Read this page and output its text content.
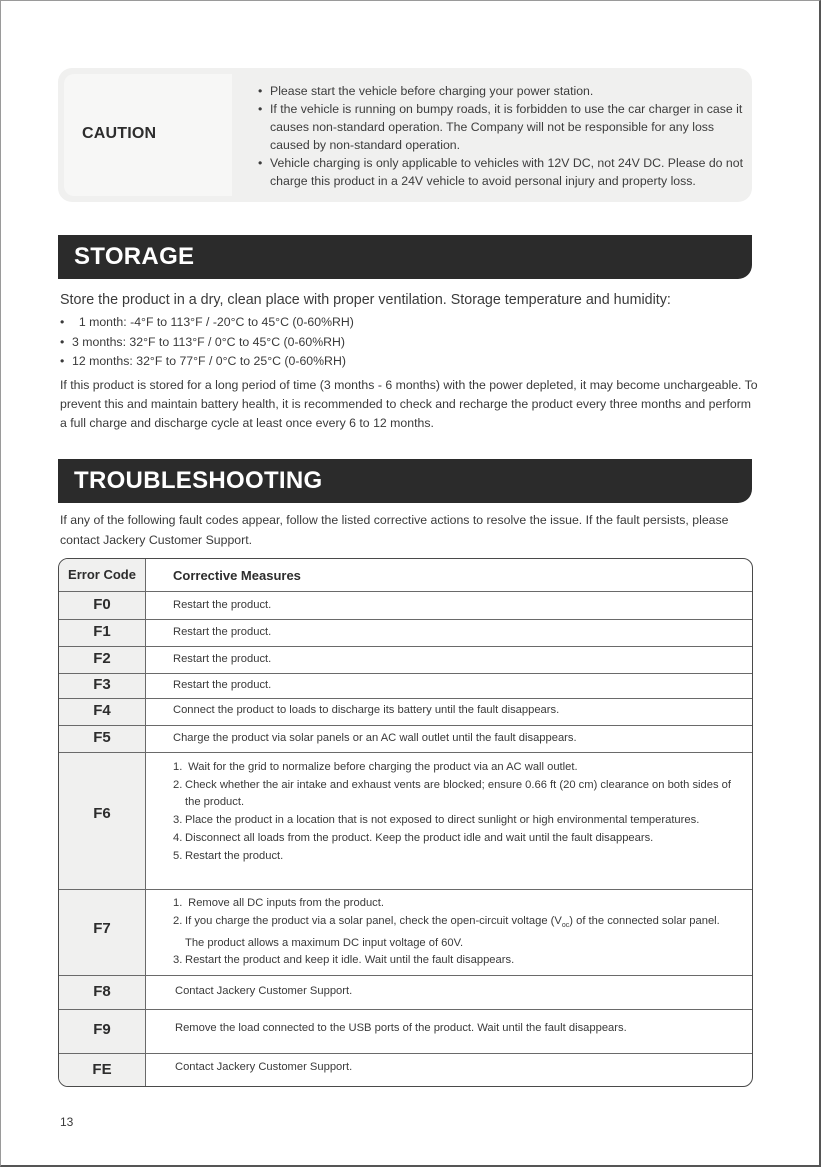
CAUTION
• Please start the vehicle before charging your power station.
• If the vehicle is running on bumpy roads, it is forbidden to use the car charger in case it causes non-standard operation. The Company will not be responsible for any loss caused by non-standard operation.
• Vehicle charging is only applicable to vehicles with 12V DC, not 24V DC. Please do not charge this product in a 24V vehicle to avoid personal injury and property loss.
STORAGE
Store the product in a dry, clean place with proper ventilation. Storage temperature and humidity:
• 1 month: -4°F to 113°F / -20°C to 45°C (0-60%RH)
• 3 months: 32°F to 113°F / 0°C to 45°C (0-60%RH)
• 12 months: 32°F to 77°F / 0°C to 25°C (0-60%RH)
If this product is stored for a long period of time (3 months - 6 months) with the power depleted, it may become unchargeable. To prevent this and maintain battery health, it is recommended to check and recharge the product every three months and perform a full charge and discharge cycle at least once every 6 to 12 months.
TROUBLESHOOTING
If any of the following fault codes appear, follow the listed corrective actions to resolve the issue. If the fault persists, please contact Jackery Customer Support.
Error Code	Corrective Measures
F0	Restart the product.
F1	Restart the product.
F2	Restart the product.
F3	Restart the product.
F4	Connect the product to loads to discharge its battery until the fault disappears.
F5	Charge the product via solar panels or an AC wall outlet until the fault disappears.
F6
1. Wait for the grid to normalize before charging the product via an AC wall outlet.
2. Check whether the air intake and exhaust vents are blocked; ensure 0.66 ft (20 cm) clearance on both sides of the product.
3. Place the product in a location that is not exposed to direct sunlight or high environmental temperatures.
4. Disconnect all loads from the product. Keep the product idle and wait until the fault disappears.
5. Restart the product.
F7
1. Remove all DC inputs from the product.
2. If you charge the product via a solar panel, check the open-circuit voltage $(V_{oc})$ of the connected solar panel. The product allows a maximum DC input voltage of 60V.
3. Restart the product and keep it idle. Wait until the fault disappears.
F8	Contact Jackery Customer Support.
F9	Remove the load connected to the USB ports of the product. Wait until the fault disappears.
FE	Contact Jackery Customer Support.
13
